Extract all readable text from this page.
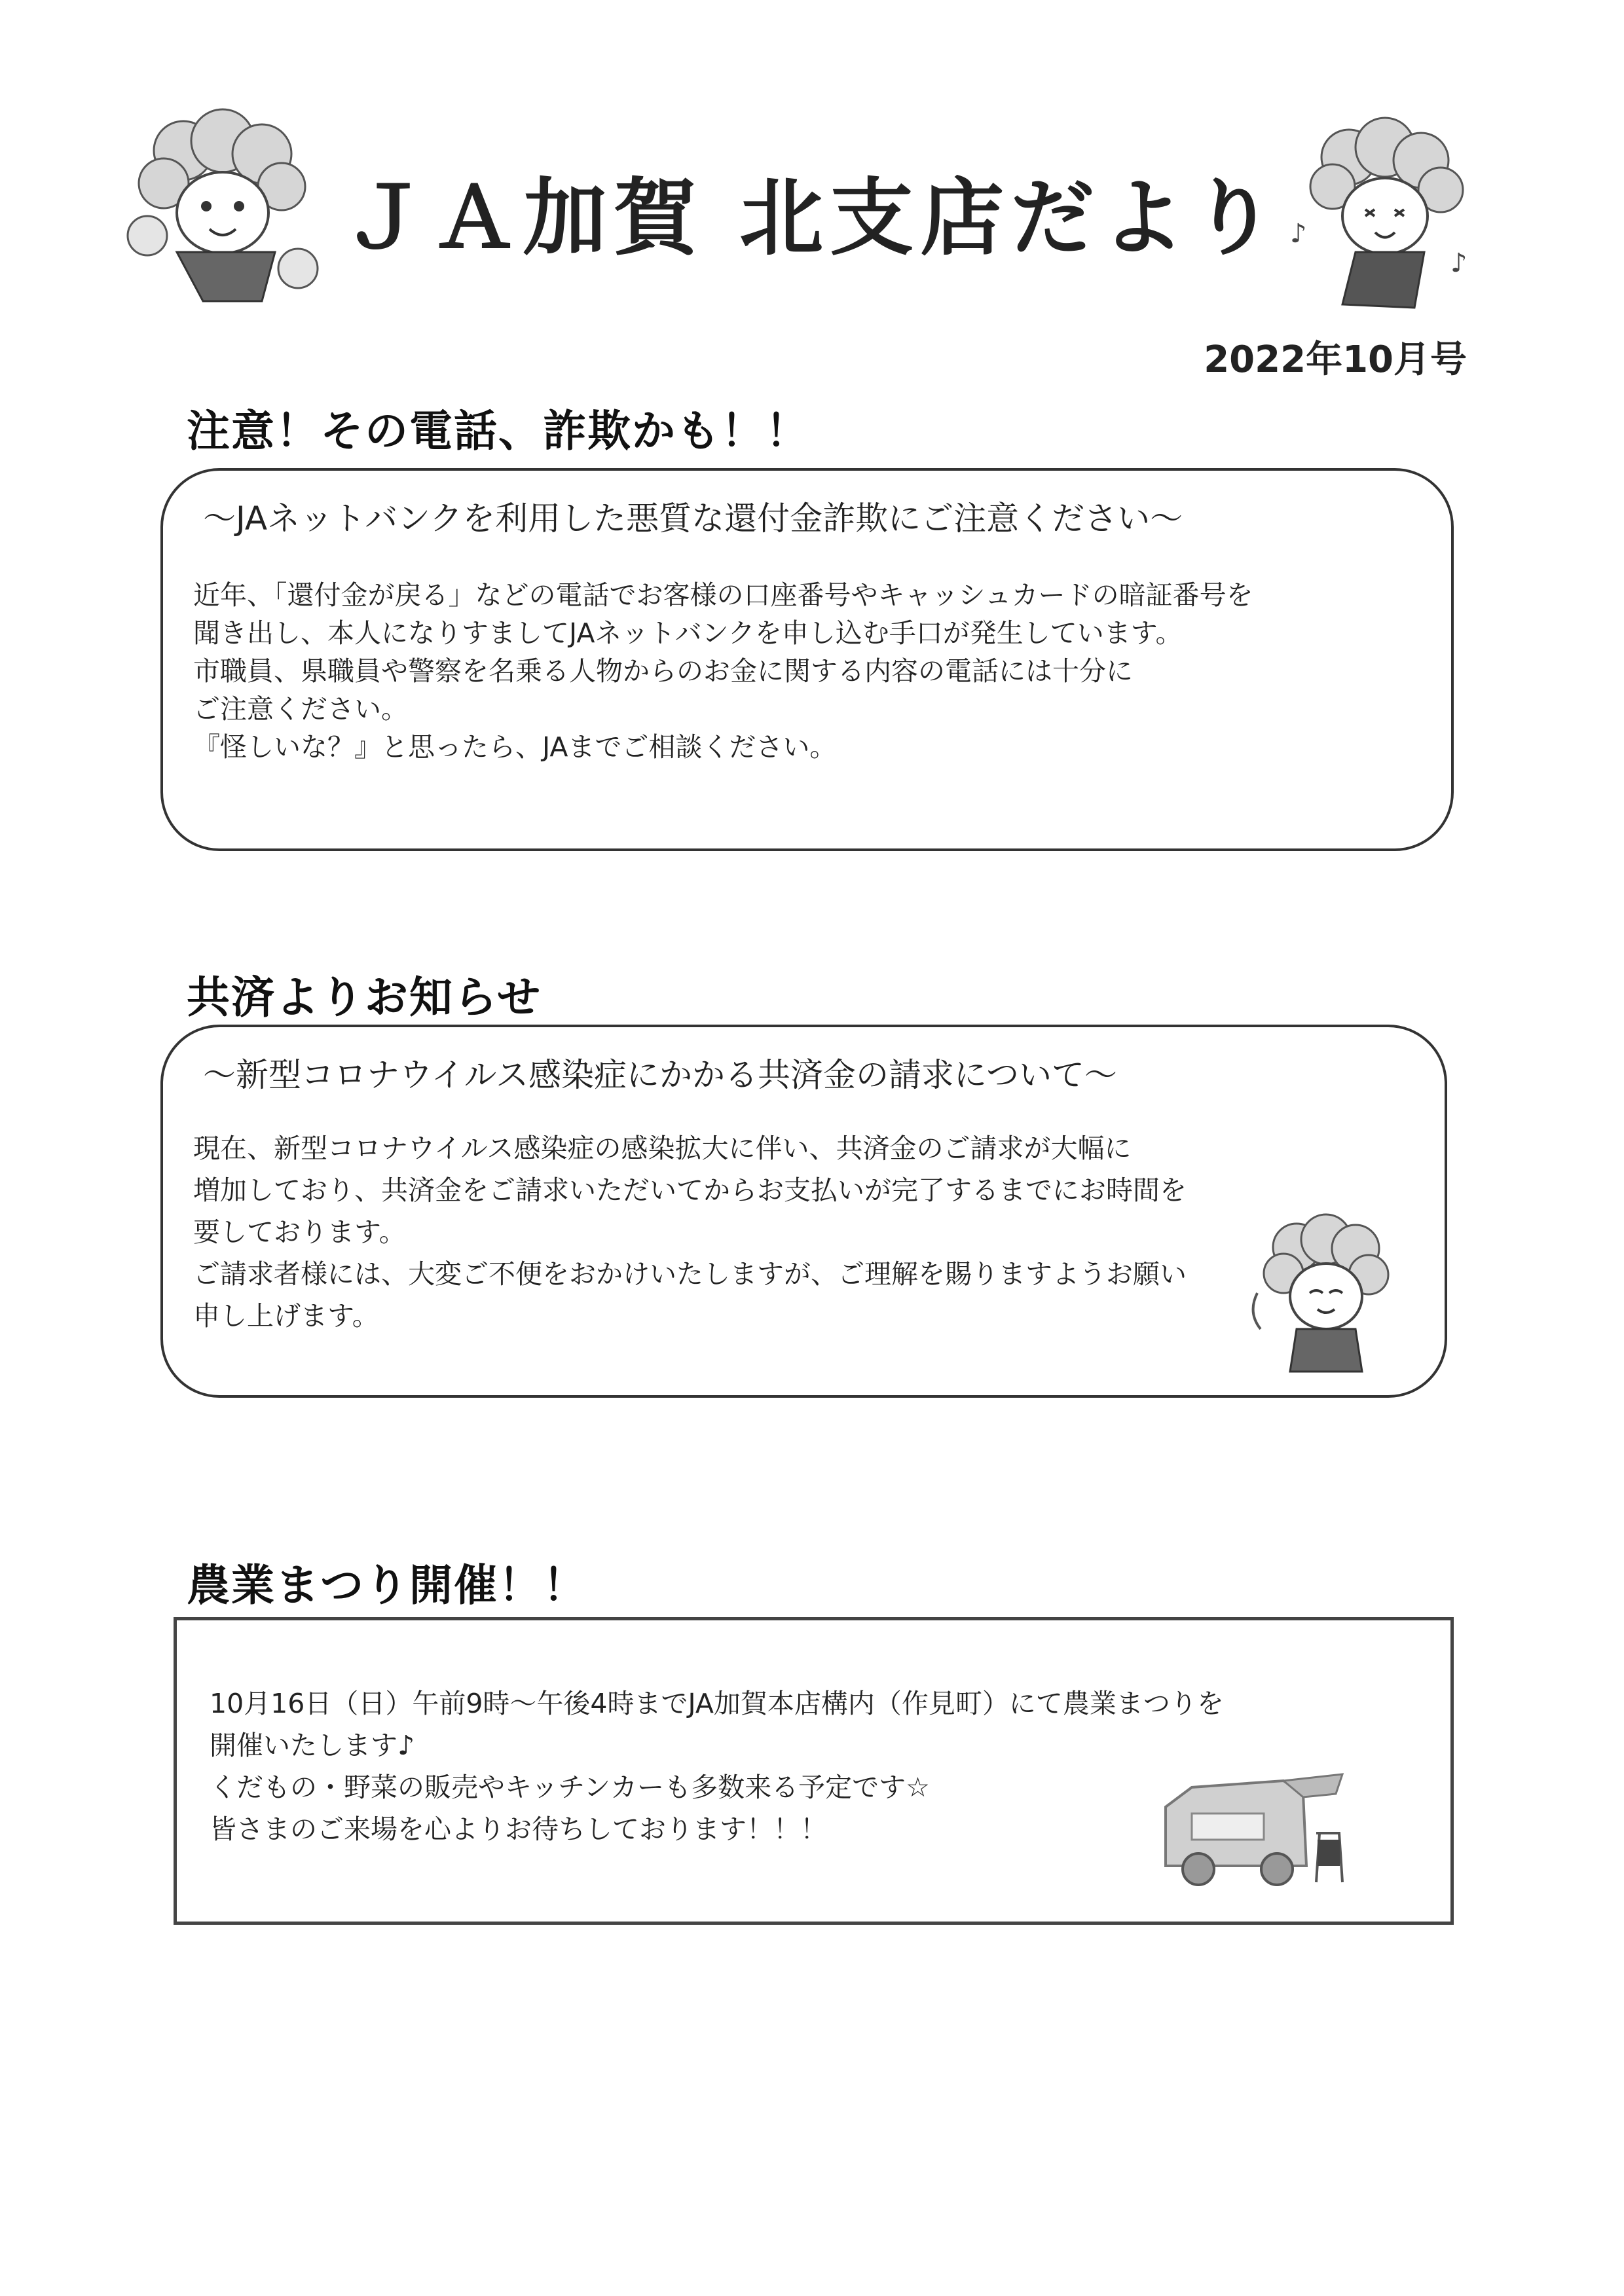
ＪＡ加賀 北支店だより ♪
♪
2022年10月号
注意！その電話、詐欺かも！！
～JAネットバンクを利用した悪質な還付金詐欺にご注意ください～
近年、「還付金が戻る」などの電話でお客様の口座番号やキャッシュカードの暗証番号を
聞き出し、本人になりすましてJAネットバンクを申し込む手口が発生しています。
市職員、県職員や警察を名乗る人物からのお金に関する内容の電話には十分に
ご注意ください。
『怪しいな？』と思ったら、JAまでご相談ください。
共済よりお知らせ
～新型コロナウイルス感染症にかかる共済金の請求について～
現在、新型コロナウイルス感染症の感染拡大に伴い、共済金のご請求が大幅に
増加しており、共済金をご請求いただいてからお支払いが完了するまでにお時間を
要しております。
ご請求者様には、大変ご不便をおかけいたしますが、ご理解を賜りますようお願い
申し上げます。
農業まつり開催！！
10月16日（日）午前9時～午後4時までJA加賀本店構内（作見町）にて農業まつりを
開催いたします♪
くだもの・野菜の販売やキッチンカーも多数来る予定です☆
皆さまのご来場を心よりお待ちしております！！！
